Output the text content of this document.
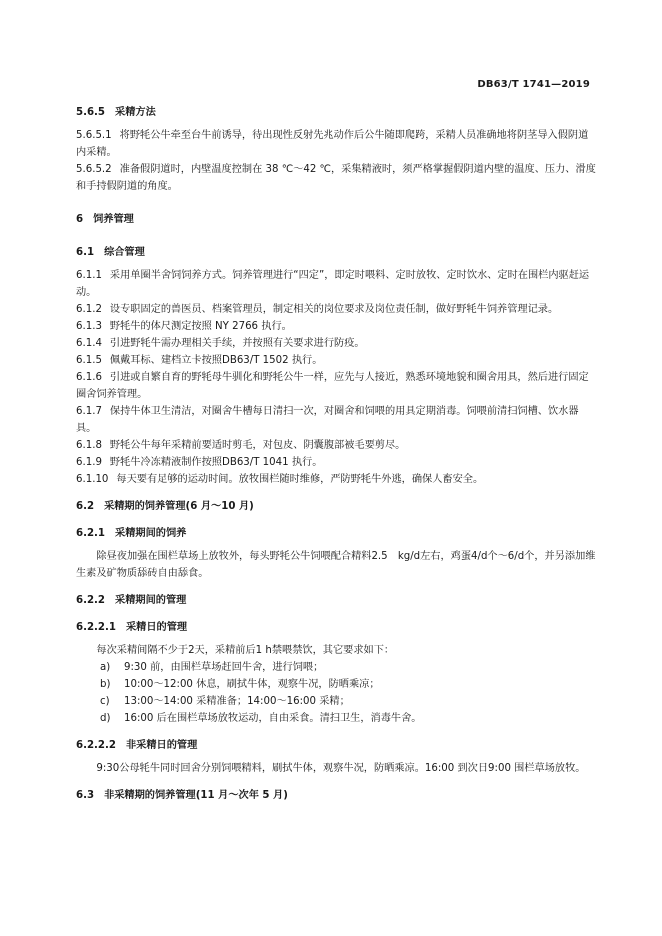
DB63/T 1741—2019

5.6.5 采精方法

5.6.5.1 将野牦公牛牵至台牛前诱导，待出现性反射先兆动作后公牛随即爬跨，采精人员准确地将阴茎导入假阴道内采精。

5.6.5.2 准备假阴道时，内壁温度控制在 38 ℃～42 ℃，采集精液时，须严格掌握假阴道内壁的温度、压力、滑度和手持假阴道的角度。

6 饲养管理

6.1 综合管理

6.1.1 采用单圈半舍饲饲养方式。饲养管理进行“四定”，即定时喂料、定时放牧、定时饮水、定时在围栏内驱赶运动。

6.1.2 设专职固定的兽医员、档案管理员，制定相关的岗位要求及岗位责任制，做好野牦牛饲养管理记录。

6.1.3 野牦牛的体尺测定按照 NY 2766 执行。

6.1.4 引进野牦牛需办理相关手续，并按照有关要求进行防疫。

6.1.5 佩戴耳标、建档立卡按照DB63/T 1502 执行。

6.1.6 引进或自繁自育的野牦母牛驯化和野牦公牛一样，应先与人接近，熟悉环境地貌和圈舍用具，然后进行固定圈舍饲养管理。

6.1.7 保持牛体卫生清洁，对圈舍牛槽每日清扫一次，对圈舍和饲喂的用具定期消毒。饲喂前清扫饲槽、饮水器具。

6.1.8 野牦公牛每年采精前要适时剪毛，对包皮、阴囊腹部被毛要剪尽。

6.1.9 野牦牛冷冻精液制作按照DB63/T 1041 执行。

6.1.10 每天要有足够的运动时间。放牧围栏随时维修，严防野牦牛外逃，确保人畜安全。

6.2 采精期的饲养管理(6 月～10 月)

6.2.1 采精期间的饲养

除昼夜加强在围栏草场上放牧外，每头野牦公牛饲喂配合精料2.5　kg/d左右，鸡蛋4/d个～6/d个，并另添加维生素及矿物质舔砖自由舔食。

6.2.2 采精期间的管理

6.2.2.1 采精日的管理

每次采精间隔不少于2天，采精前后1 h禁喂禁饮，其它要求如下：

a) 9:30 前，由围栏草场赶回牛舍，进行饲喂；

b) 10:00～12:00 休息，刷拭牛体，观察牛况，防晒乘凉；

c) 13:00～14:00 采精准备；14:00～16:00 采精；

d) 16:00 后在围栏草场放牧运动，自由采食。清扫卫生，消毒牛舍。

6.2.2.2 非采精日的管理

9:30公母牦牛同时回舍分别饲喂精料，刷拭牛体，观察牛况，防晒乘凉。16:00 到次日9:00 围栏草场放牧。

6.3 非采精期的饲养管理(11 月～次年 5 月)
